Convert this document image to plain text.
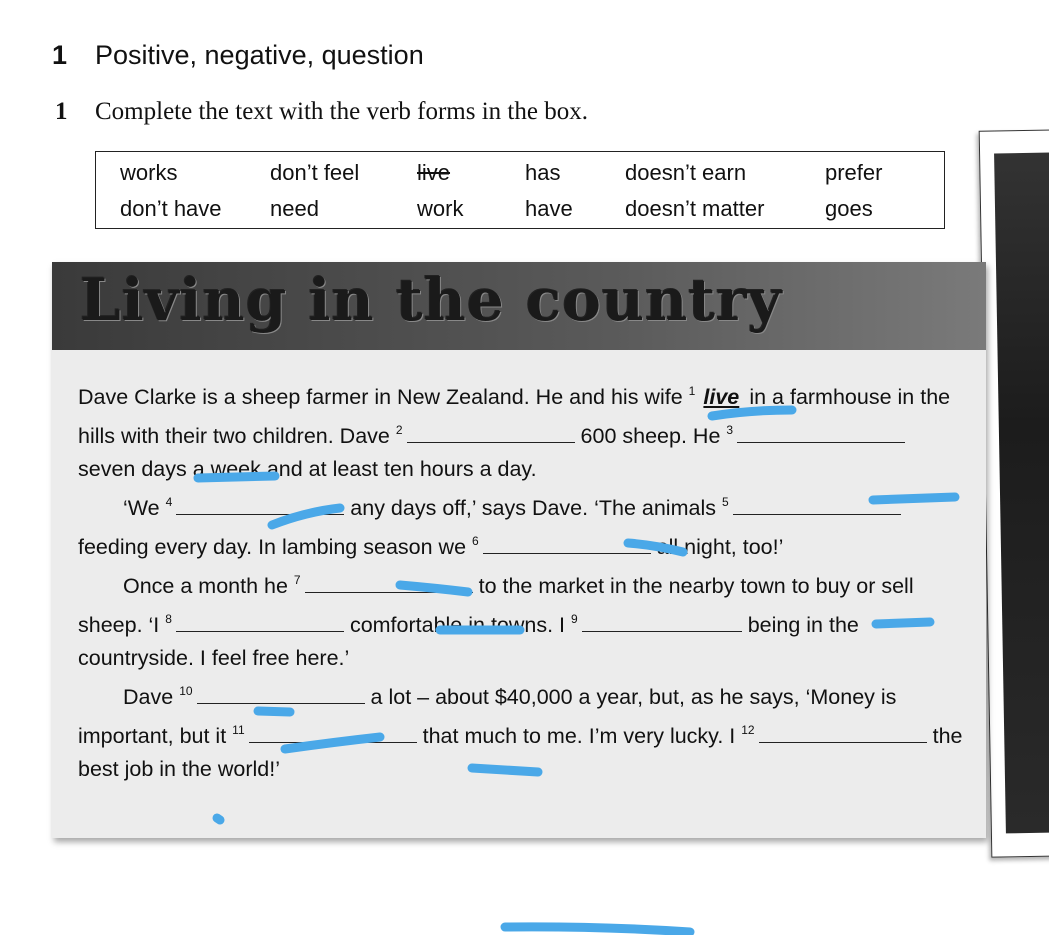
1 Positive, negative, question
1 Complete the text with the verb forms in the box.
works	don’t feel	live	has	doesn’t earn	prefer
don’t have	need	work	have	doesn’t matter	goes
Living in the country

Dave Clarke is a sheep farmer in New Zealand. He and his wife $^1$ live in a farmhouse in the hills with their two children. Dave $^2$	600 sheep. He $^3$ seven days a week and at least ten hours a day.

‘We $^4$	any days off,’ says Dave. ‘The animals $^5$ feeding every day. In lambing season we $^6$	all night, too!’

Once a month he $^7$	to the market in the nearby town to buy or sell sheep. ‘I $^8$	comfortable in towns. I $^9$	being in the countryside. I feel free here.’

Dave $^{10}$	a lot – about $40,000 a year, but, as he says, ‘Money is important, but it $^{11}$	that much to me. I’m very lucky. I $^{12}$	the best job in the world!’
